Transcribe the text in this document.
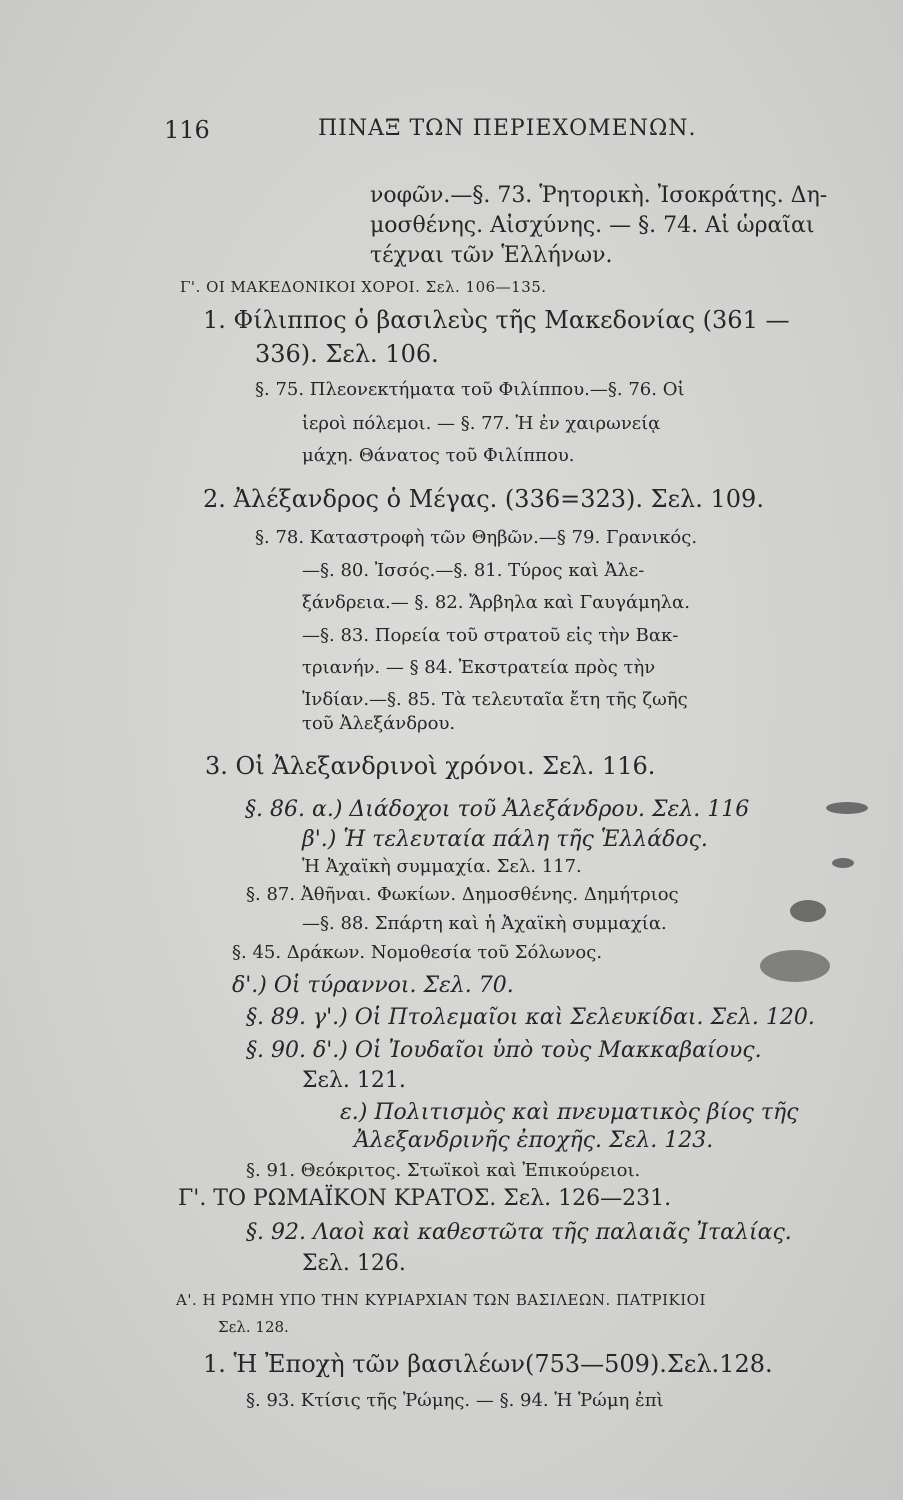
116	ΠΙΝΑΞ ΤΩΝ ΠΕΡΙΕΧΟΜΕΝΩΝ.
νοφῶν.—§. 73. Ῥητορικὴ. Ἰσοκράτης. Δη-
μοσθένης. Αἰσχύνης. — §. 74. Αἱ ὡραῖαι
τέχναι τῶν Ἑλλήνων.
Γ'. ΟΙ ΜΑΚΕΔΟΝΙΚΟΙ ΧΟΡΟΙ. Σελ. 106—135.
1. Φίλιππος ὁ βασιλεὺς τῆς Μακεδονίας (361 —
336). Σελ. 106.
§. 75. Πλεονεκτήματα τοῦ Φιλίππου.—§. 76. Οἱ
ἱεροὶ πόλεμοι. — §. 77. Ἡ ἐν χαιρωνείᾳ
μάχη. Θάνατος τοῦ Φιλίππου.
2. Ἀλέξανδρος ὁ Μέγας. (336=323). Σελ. 109.
§. 78. Καταστροφὴ τῶν Θηβῶν.—§ 79. Γρανικός.
—§. 80. Ἰσσός.—§. 81. Τύρος καὶ Ἀλε-
ξάνδρεια.— §. 82. Ἄρβηλα καὶ Γαυγάμηλα.
—§. 83. Πορεία τοῦ στρατοῦ εἰς τὴν Βακ-
τριανήν. — § 84. Ἐκστρατεία πρὸς τὴν
Ἰνδίαν.—§. 85. Τὰ τελευταῖα ἔτη τῆς ζωῆς
τοῦ Ἀλεξάνδρου.
3. Οἱ Ἀλεξανδρινοὶ χρόνοι. Σελ. 116.
§. 86. α.) Διάδοχοι τοῦ Ἀλεξάνδρου. Σελ. 116
β'.) Ἡ τελευταία πάλη τῆς Ἑλλάδος.
Ἡ Ἀχαϊκὴ συμμαχία. Σελ. 117.
§. 87. Ἀθῆναι. Φωκίων. Δημοσθένης. Δημήτριος
—§. 88. Σπάρτη καὶ ἡ Ἀχαϊκὴ συμμαχία.
§. 45. Δράκων. Νομοθεσία τοῦ Σόλωνος.
δ'.) Οἱ τύραννοι. Σελ. 70.
§. 89. γ'.) Οἱ Πτολεμαῖοι καὶ Σελευκίδαι. Σελ. 120.
§. 90. δ'.) Οἱ Ἰουδαῖοι ὑπὸ τοὺς Μακκαβαίους.
Σελ. 121.
ε.) Πολιτισμὸς καὶ πνευματικὸς βίος τῆς
Ἀλεξανδρινῆς ἐποχῆς. Σελ. 123.
§. 91. Θεόκριτος. Στωϊκοὶ καὶ Ἐπικούρειοι.
Γ'. ΤΟ ΡΩΜΑΪΚΟΝ ΚΡΑΤΟΣ. Σελ. 126—231.
§. 92. Λαοὶ καὶ καθεστῶτα τῆς παλαιᾶς Ἰταλίας.
Σελ. 126.
Α'. Η ΡΩΜΗ ΥΠΟ ΤΗΝ ΚΥΡΙΑΡΧΙΑΝ ΤΩΝ ΒΑΣΙΛΕΩΝ. ΠΑΤΡΙΚΙΟΙ
Σελ. 128.
1. Ἡ Ἐποχὴ τῶν βασιλέων(753—509).Σελ.128.
§. 93. Κτίσις τῆς Ῥώμης. — §. 94. Ἡ Ῥώμη ἐπὶ
